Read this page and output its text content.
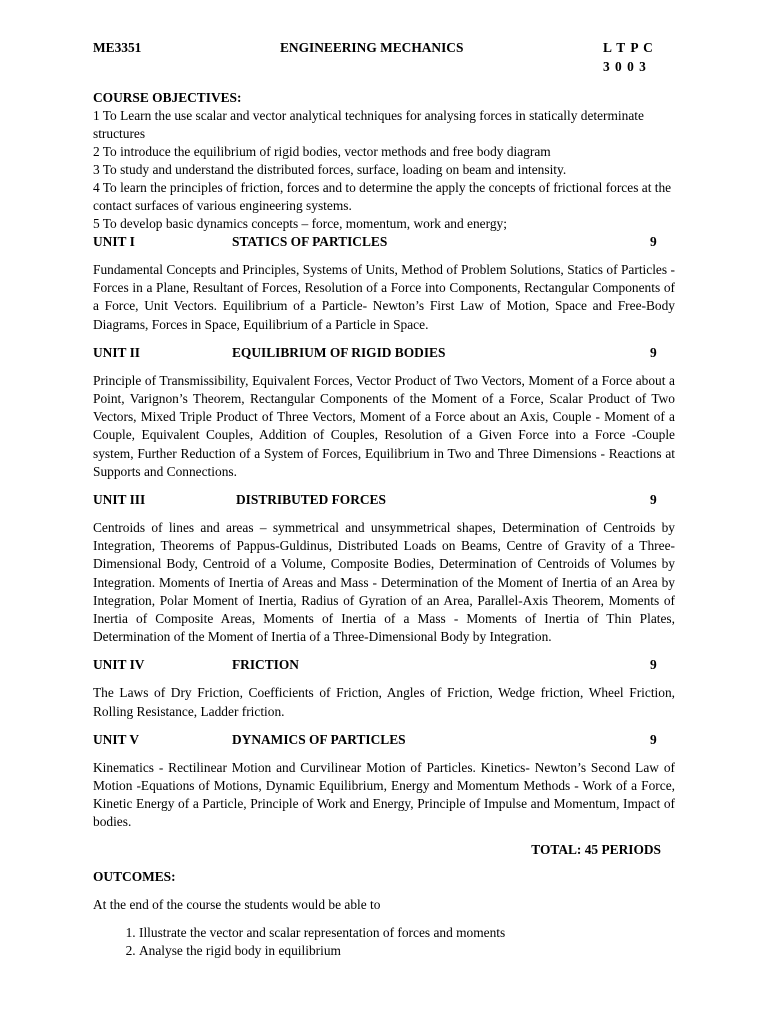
ME3351	ENGINEERING MECHANICS	L T P C
3 0 0 3
COURSE OBJECTIVES:
1 To Learn the use scalar and vector analytical techniques for analysing forces in statically determinate structures
2 To introduce the equilibrium of rigid bodies, vector methods and free body diagram
3 To study and understand the distributed forces, surface, loading on beam and intensity.
4 To learn the principles of friction, forces and to determine the apply the concepts of frictional forces at the contact surfaces of various engineering systems.
5 To develop basic dynamics concepts – force, momentum, work and energy;
UNIT I	STATICS OF PARTICLES	9
Fundamental Concepts and Principles, Systems of Units, Method of Problem Solutions, Statics of Particles -Forces in a Plane, Resultant of Forces, Resolution of a Force into Components, Rectangular Components of a Force, Unit Vectors. Equilibrium of a Particle- Newton’s First Law of Motion, Space and Free-Body Diagrams, Forces in Space, Equilibrium of a Particle in Space.
UNIT II	EQUILIBRIUM OF RIGID BODIES	9
Principle of Transmissibility, Equivalent Forces, Vector Product of Two Vectors, Moment of a Force about a Point, Varignon’s Theorem, Rectangular Components of the Moment of a Force, Scalar Product of Two Vectors, Mixed Triple Product of Three Vectors, Moment of a Force about an Axis, Couple - Moment of a Couple, Equivalent Couples, Addition of Couples, Resolution of a Given Force into a Force -Couple system, Further Reduction of a System of Forces, Equilibrium in Two and Three Dimensions - Reactions at Supports and Connections.
UNIT III	DISTRIBUTED FORCES	9
Centroids of lines and areas – symmetrical and unsymmetrical shapes, Determination of Centroids by Integration, Theorems of Pappus-Guldinus, Distributed Loads on Beams, Centre of Gravity of a Three- Dimensional Body, Centroid of a Volume, Composite Bodies, Determination of Centroids of Volumes by Integration. Moments of Inertia of Areas and Mass - Determination of the Moment of Inertia of an Area by Integration, Polar Moment of Inertia, Radius of Gyration of an Area, Parallel-Axis Theorem, Moments of Inertia of Composite Areas, Moments of Inertia of a Mass - Moments of Inertia of Thin Plates, Determination of the Moment of Inertia of a Three-Dimensional Body by Integration.
UNIT IV	FRICTION	9
The Laws of Dry Friction, Coefficients of Friction, Angles of Friction, Wedge friction, Wheel Friction, Rolling Resistance, Ladder friction.
UNIT V	DYNAMICS OF PARTICLES	9
Kinematics - Rectilinear Motion and Curvilinear Motion of Particles. Kinetics- Newton’s Second Law of Motion -Equations of Motions, Dynamic Equilibrium, Energy and Momentum Methods - Work of a Force, Kinetic Energy of a Particle, Principle of Work and Energy, Principle of Impulse and Momentum, Impact of bodies.
TOTAL: 45 PERIODS
OUTCOMES:
At the end of the course the students would be able to
1. Illustrate the vector and scalar representation of forces and moments
2. Analyse the rigid body in equilibrium
